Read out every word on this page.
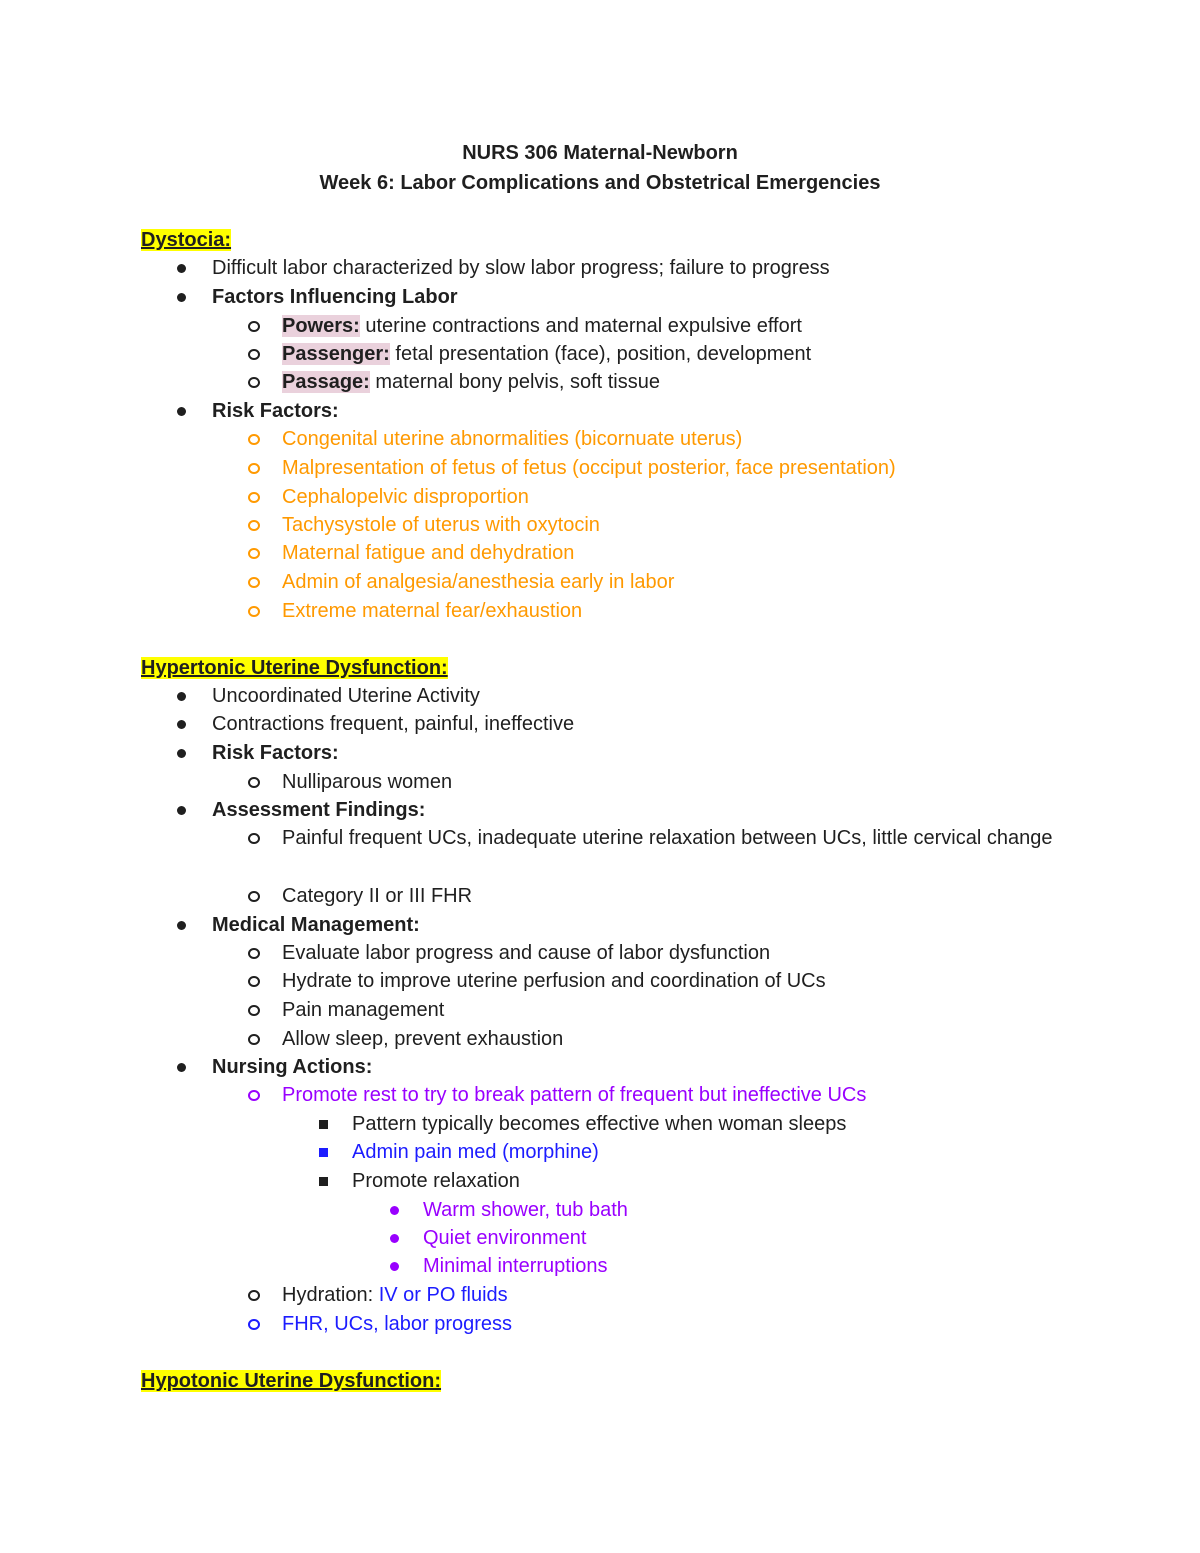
NURS 306 Maternal-Newborn
Week 6: Labor Complications and Obstetrical Emergencies
Dystocia:
Difficult labor characterized by slow labor progress; failure to progress
Factors Influencing Labor
Powers: uterine contractions and maternal expulsive effort
Passenger: fetal presentation (face), position, development
Passage: maternal bony pelvis, soft tissue
Risk Factors:
Congenital uterine abnormalities (bicornuate uterus)
Malpresentation of fetus of fetus (occiput posterior, face presentation)
Cephalopelvic disproportion
Tachysystole of uterus with oxytocin
Maternal fatigue and dehydration
Admin of analgesia/anesthesia early in labor
Extreme maternal fear/exhaustion
Hypertonic Uterine Dysfunction:
Uncoordinated Uterine Activity
Contractions frequent, painful, ineffective
Risk Factors:
Nulliparous women
Assessment Findings:
Painful frequent UCs, inadequate uterine relaxation between UCs, little cervical change
Category II or III FHR
Medical Management:
Evaluate labor progress and cause of labor dysfunction
Hydrate to improve uterine perfusion and coordination of UCs
Pain management
Allow sleep, prevent exhaustion
Nursing Actions:
Promote rest to try to break pattern of frequent but ineffective UCs
Pattern typically becomes effective when woman sleeps
Admin pain med (morphine)
Promote relaxation
Warm shower, tub bath
Quiet environment
Minimal interruptions
Hydration: IV or PO fluids
FHR, UCs, labor progress
Hypotonic Uterine Dysfunction:
